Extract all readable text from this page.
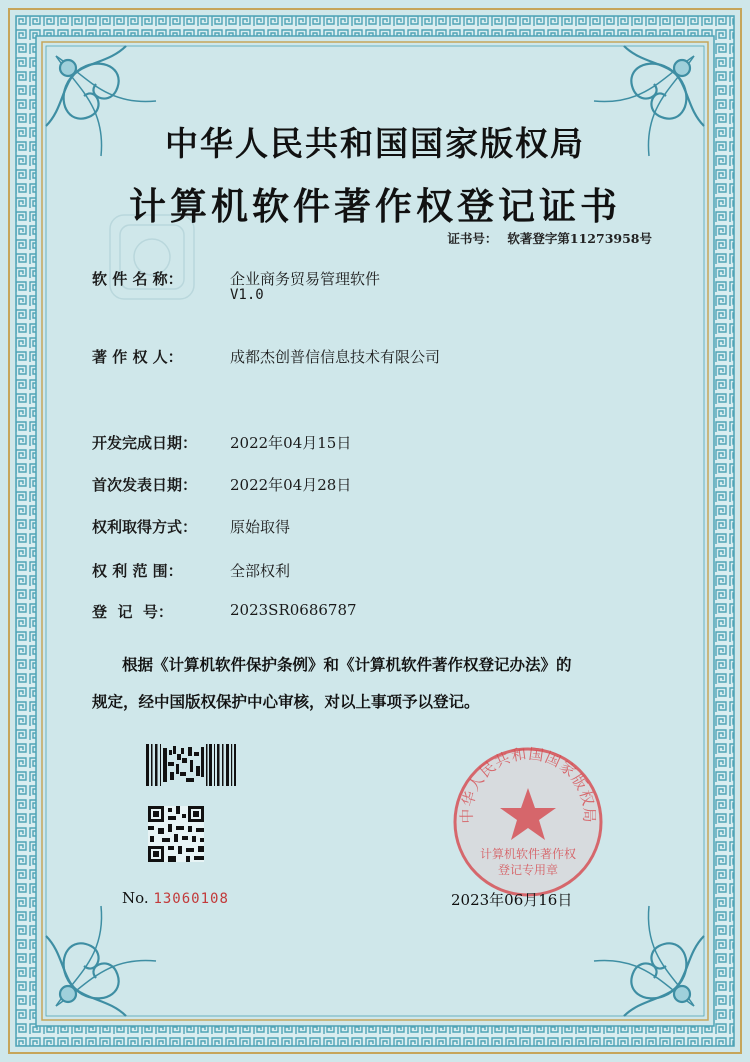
中华人民共和国国家版权局
计算机软件著作权登记证书
证书号： 软著登字第11273958号
软 件 名 称：	企业商务贸易管理软件
V1.0
著 作 权 人：	成都杰创普信信息技术有限公司
开发完成日期： 2022年04月15日
首次发表日期： 2022年04月28日
权利取得方式： 原始取得
权 利 范 围：	全部权利
登  记  号：	2023SR0686787
根据《计算机软件保护条例》和《计算机软件著作权登记办法》的
规定，经中国版权保护中心审核，对以上事项予以登记。
No. 13060108
中华人民共和国国家版权局
计算机软件著作权
登记专用章
2023年06月16日
